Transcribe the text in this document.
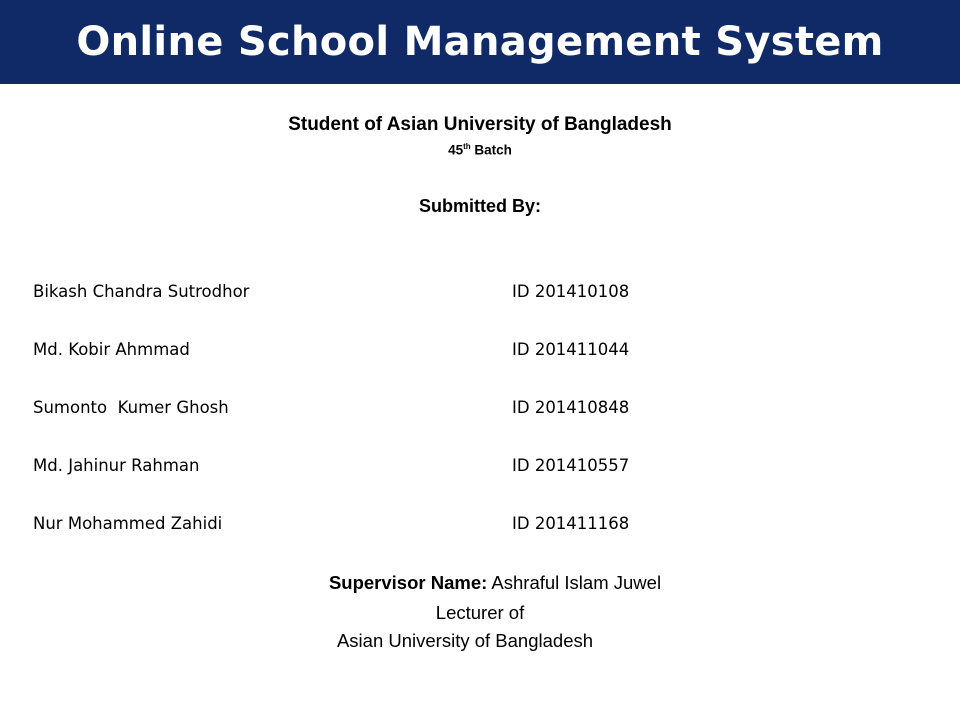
Online School Management System
Student of Asian University of Bangladesh
45th Batch
Submitted By:
Bikash Chandra Sutrodhor	ID 201410108
Md. Kobir Ahmmad	ID 201411044
Sumonto  Kumer Ghosh	ID 201410848
Md. Jahinur Rahman	ID 201410557
Nur Mohammed Zahidi	ID 201411168
Supervisor Name: Ashraful Islam Juwel
Lecturer of
Asian University of Bangladesh
